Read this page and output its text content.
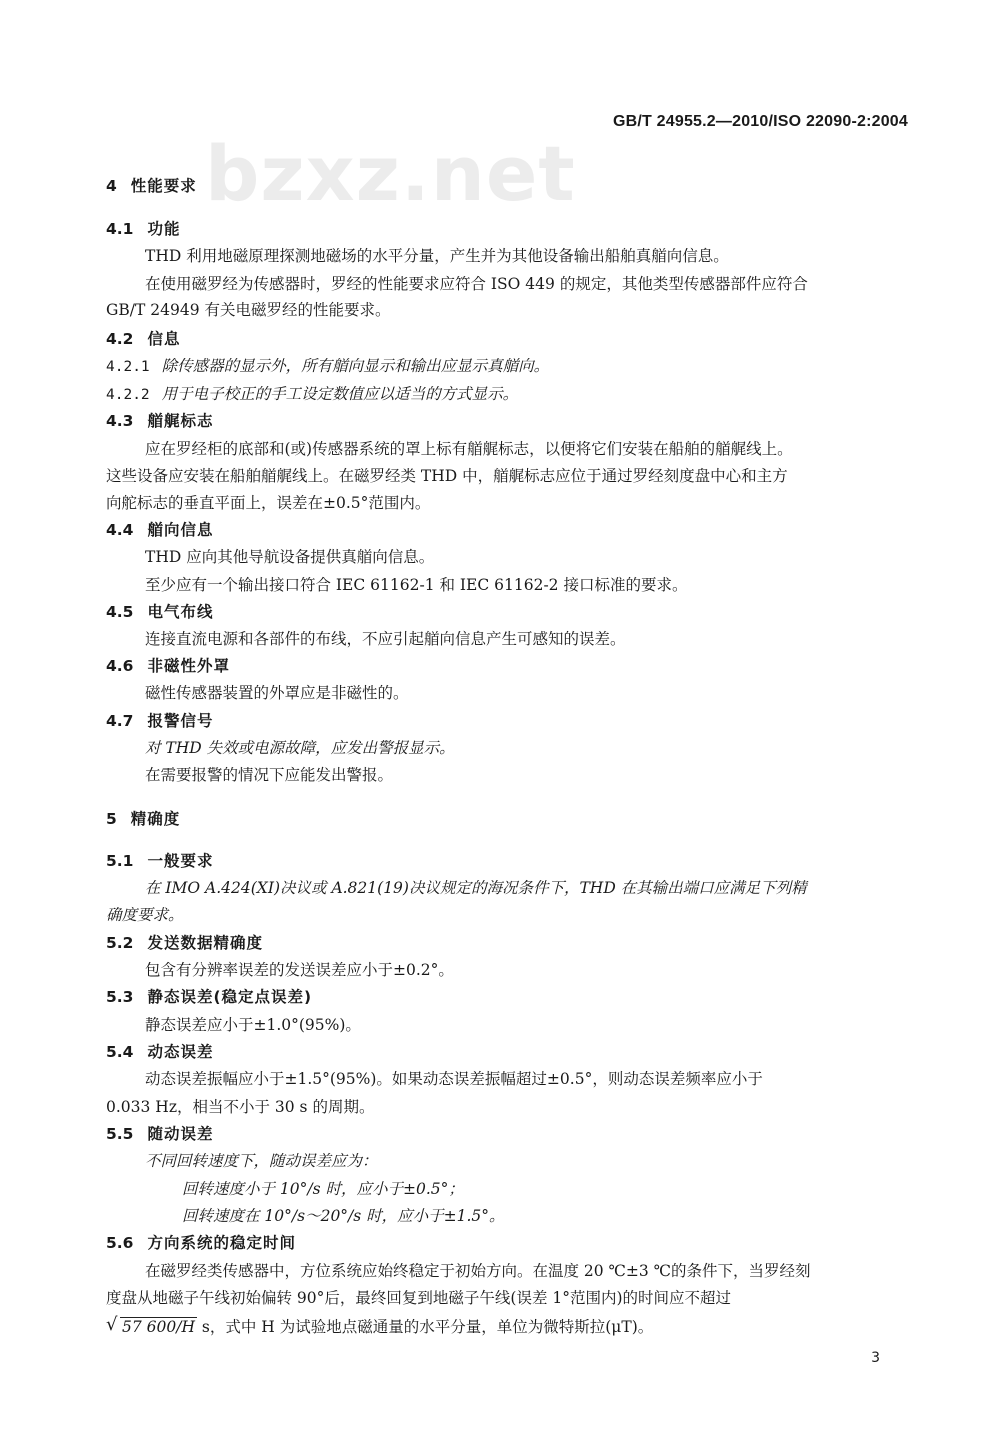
GB/T 24955.2—2010/ISO 22090-2:2004
bzxz.net
4 性能要求
4.1 功能
THD 利用地磁原理探测地磁场的水平分量，产生并为其他设备输出船舶真艏向信息。
在使用磁罗经为传感器时，罗经的性能要求应符合 ISO 449 的规定，其他类型传感器部件应符合
GB/T 24949 有关电磁罗经的性能要求。
4.2 信息
4.2.1 除传感器的显示外，所有艏向显示和输出应显示真艏向。
4.2.2 用于电子校正的手工设定数值应以适当的方式显示。
4.3 艏艉标志
应在罗经柜的底部和(或)传感器系统的罩上标有艏艉标志，以便将它们安装在船舶的艏艉线上。
这些设备应安装在船舶艏艉线上。在磁罗经类 THD 中，艏艉标志应位于通过罗经刻度盘中心和主方
向舵标志的垂直平面上，误差在±0.5°范围内。
4.4 艏向信息
THD 应向其他导航设备提供真艏向信息。
至少应有一个输出接口符合 IEC 61162-1 和 IEC 61162-2 接口标准的要求。
4.5 电气布线
连接直流电源和各部件的布线，不应引起艏向信息产生可感知的误差。
4.6 非磁性外罩
磁性传感器装置的外罩应是非磁性的。
4.7 报警信号
对 THD 失效或电源故障，应发出警报显示。
在需要报警的情况下应能发出警报。
5 精确度
5.1 一般要求
在 IMO A.424(XI)决议或 A.821(19)决议规定的海况条件下，THD 在其输出端口应满足下列精
确度要求。
5.2 发送数据精确度
包含有分辨率误差的发送误差应小于±0.2°。
5.3 静态误差(稳定点误差)
静态误差应小于±1.0°(95%)。
5.4 动态误差
动态误差振幅应小于±1.5°(95%)。如果动态误差振幅超过±0.5°，则动态误差频率应小于
0.033 Hz，相当不小于 30 s 的周期。
5.5 随动误差
不同回转速度下，随动误差应为：
回转速度小于 10°/s 时，应小于±0.5°；
回转速度在 10°/s～20°/s 时，应小于±1.5°。
5.6 方向系统的稳定时间
在磁罗经类传感器中，方位系统应始终稳定于初始方向。在温度 20 ℃±3 ℃的条件下，当罗经刻
度盘从地磁子午线初始偏转 90°后，最终回复到地磁子午线(误差 1°范围内)的时间应不超过
√ 57 600/H s，式中 H 为试验地点磁通量的水平分量，单位为微特斯拉(μT)。
3
